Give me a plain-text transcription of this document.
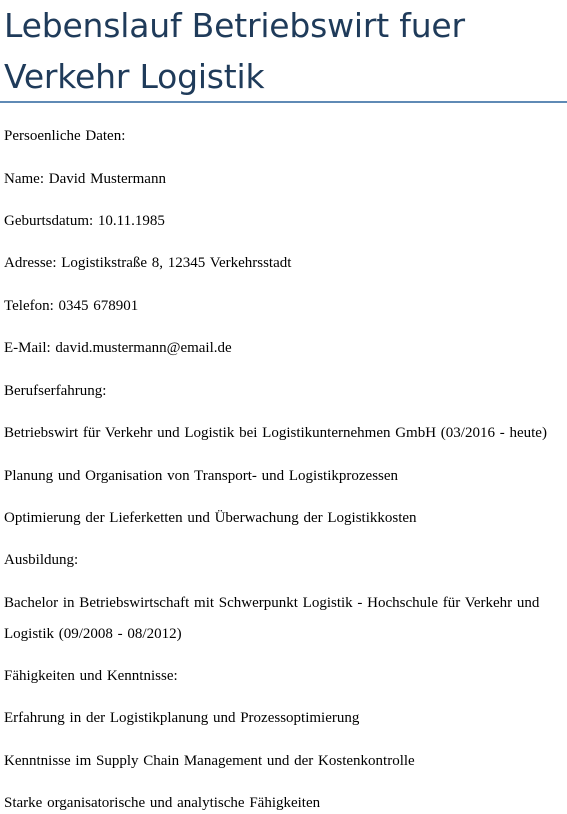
Lebenslauf Betriebswirt fuer Verkehr Logistik

Persoenliche Daten:

Name: David Mustermann

Geburtsdatum: 10.11.1985

Adresse: Logistikstraße 8, 12345 Verkehrsstadt

Telefon: 0345 678901

E-Mail: david.mustermann@email.de

Berufserfahrung:

Betriebswirt für Verkehr und Logistik bei Logistikunternehmen GmbH (03/2016 - heute)

Planung und Organisation von Transport- und Logistikprozessen

Optimierung der Lieferketten und Überwachung der Logistikkosten

Ausbildung:

Bachelor in Betriebswirtschaft mit Schwerpunkt Logistik - Hochschule für Verkehr und

Logistik (09/2008 - 08/2012)

Fähigkeiten und Kenntnisse:

Erfahrung in der Logistikplanung und Prozessoptimierung

Kenntnisse im Supply Chain Management und der Kostenkontrolle

Starke organisatorische und analytische Fähigkeiten
